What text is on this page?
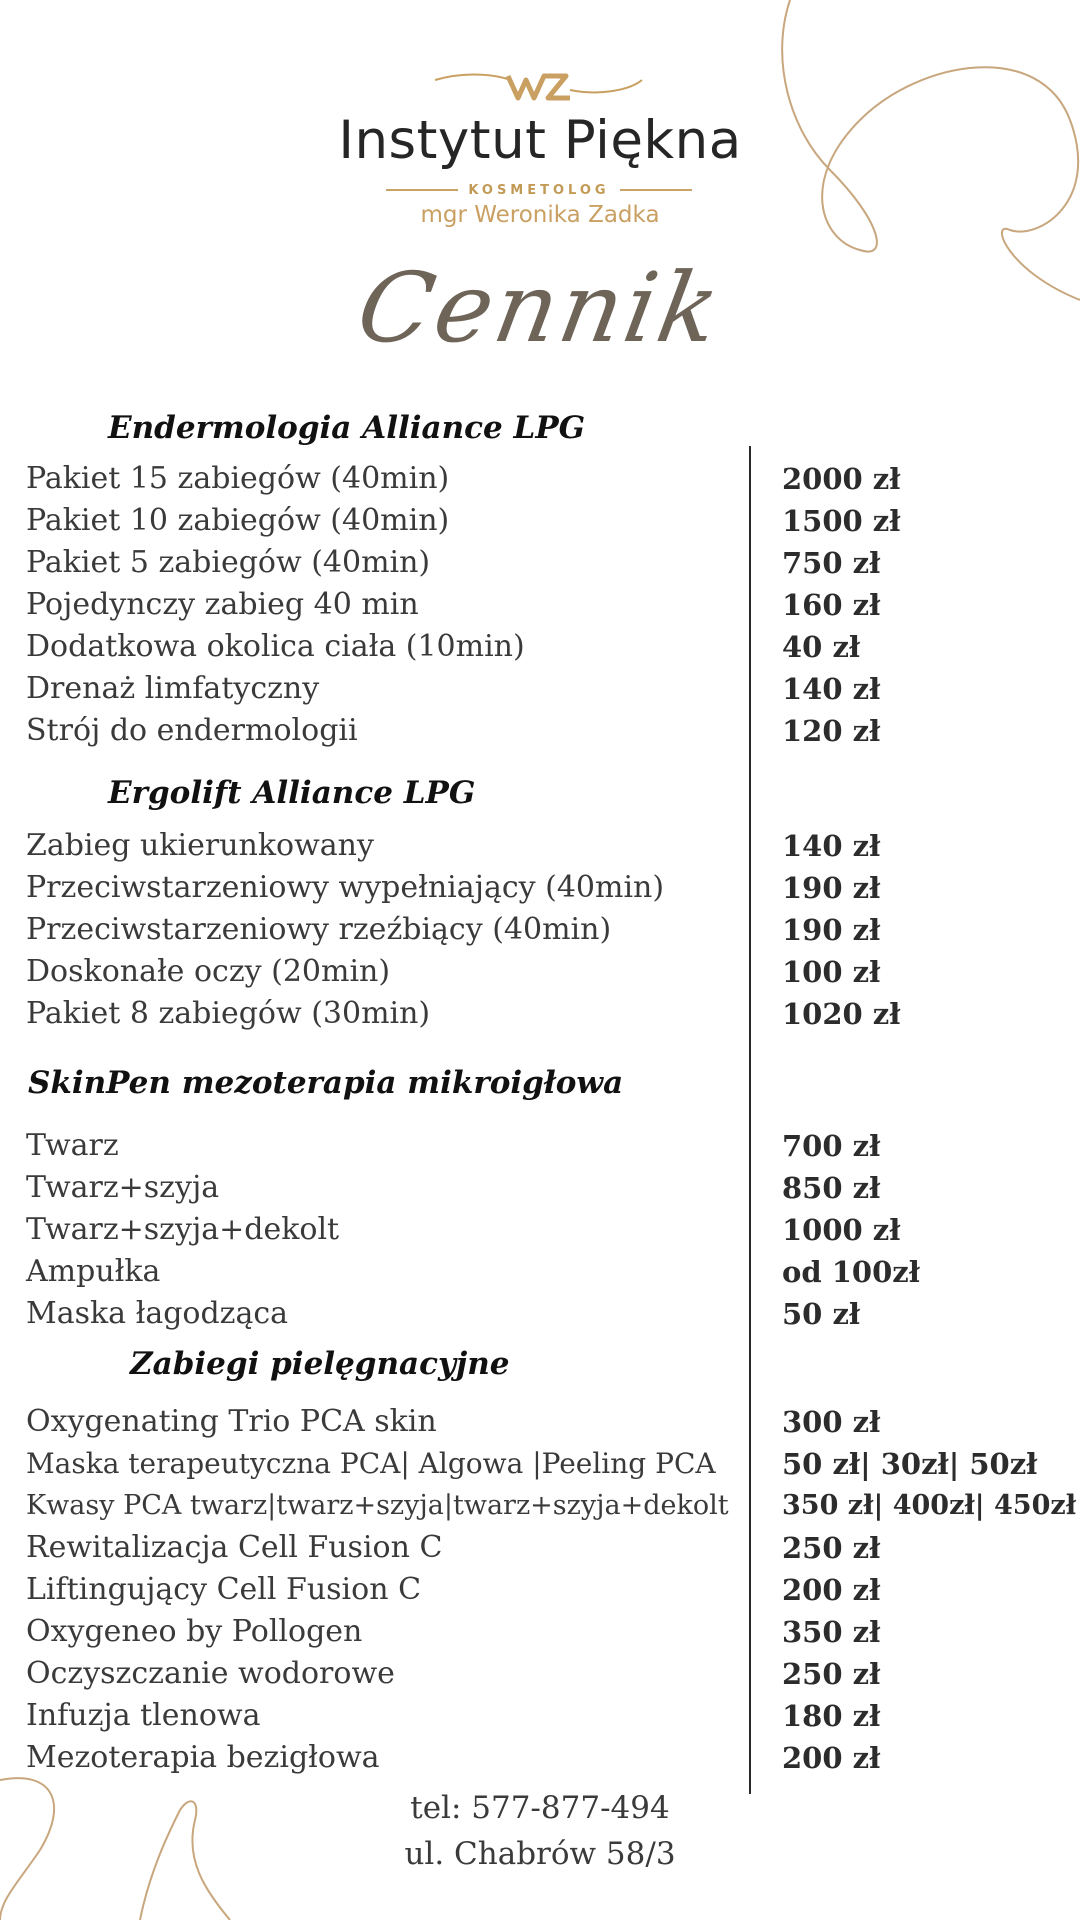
Instytut Piękna
KOSMETOLOG
mgr Weronika Zadka
Cennik
Endermologia Alliance LPG
Pakiet 15 zabiegów (40min)	2000 zł
Pakiet 10 zabiegów (40min)	1500 zł
Pakiet 5 zabiegów (40min)	750 zł
Pojedynczy zabieg 40 min	160 zł
Dodatkowa okolica ciała (10min)	40 zł
Drenaż limfatyczny	140 zł
Strój do endermologii	120 zł
Ergolift Alliance LPG
Zabieg ukierunkowany	140 zł
Przeciwstarzeniowy wypełniający (40min)	190 zł
Przeciwstarzeniowy rzeźbiący (40min)	190 zł
Doskonałe oczy (20min)	100 zł
Pakiet 8 zabiegów (30min)	1020 zł
SkinPen mezoterapia mikroigłowa
Twarz	700 zł
Twarz+szyja	850 zł
Twarz+szyja+dekolt	1000 zł
Ampułka	od 100zł
Maska łagodząca	50 zł
Zabiegi pielęgnacyjne
Oxygenating Trio PCA skin	300 zł
Maska terapeutyczna PCA| Algowa |Peeling PCA 50 zł| 30zł| 50zł
Kwasy PCA twarz|twarz+szyja|twarz+szyja+dekolt 350 zł| 400zł| 450zł
Rewitalizacja Cell Fusion C	250 zł
Liftingujący Cell Fusion C	200 zł
Oxygeneo by Pollogen	350 zł
Oczyszczanie wodorowe	250 zł
Infuzja tlenowa	180 zł
Mezoterapia bezigłowa	200 zł
tel: 577-877-494
ul. Chabrów 58/3
